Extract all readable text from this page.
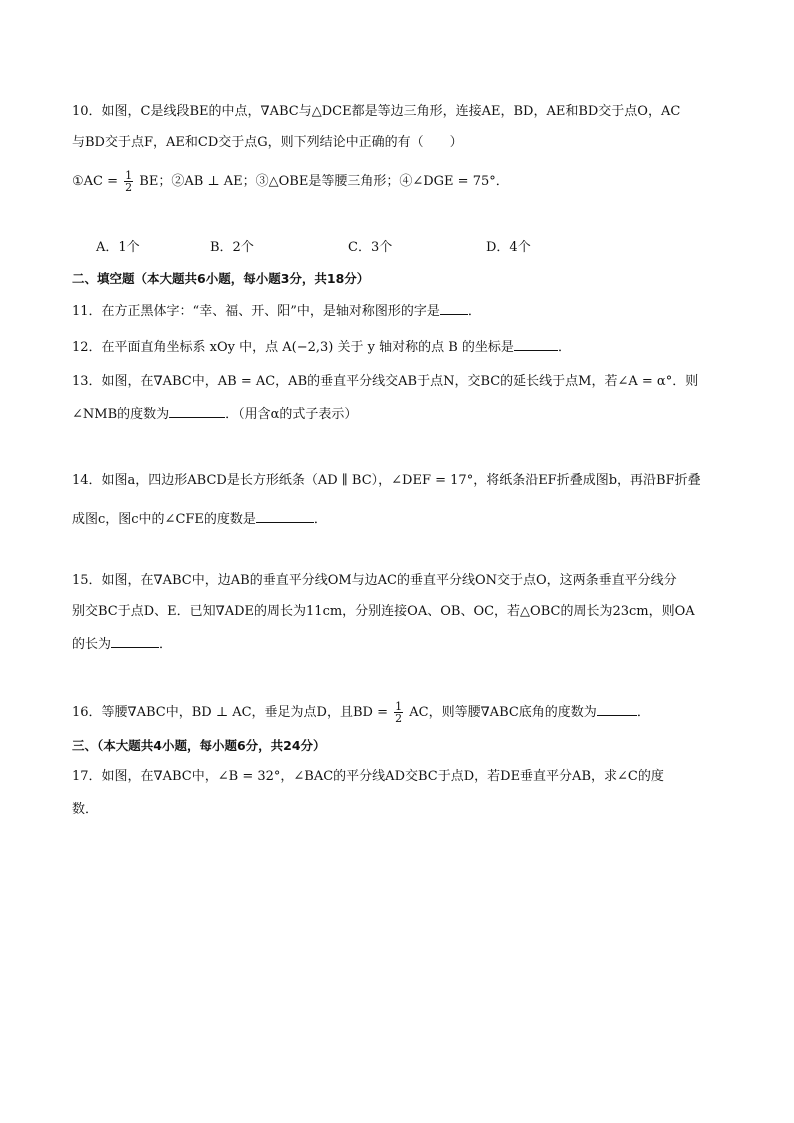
10．如图，C是线段BE的中点，∇ABC与△DCE都是等边三角形，连接AE，BD，AE和BD交于点O，AC
与BD交于点F，AE和CD交于点G，则下列结论中正确的有（　　）
①AC = $\frac{1}{2}$ BE；②AB ⊥ AE；③△OBE是等腰三角形；④∠DGE = 75°．
A．1个	B．2个	C．3个	D．4个
二、填空题（本大题共6小题，每小题3分，共18分）
11．在方正黑体字：“幸、福、开、阳”中，是轴对称图形的字是 ．
12．在平面直角坐标系 xOy 中，点 A(−2,3) 关于 y 轴对称的点 B 的坐标是	．
13．如图，在∇ABC中，AB = AC，AB的垂直平分线交AB于点N，交BC的延长线于点M，若∠A = α°．则
∠NMB的度数为	．（用含α的式子表示）
14．如图a，四边形ABCD是长方形纸条（AD ∥ BC），∠DEF = 17°，将纸条沿EF折叠成图b，再沿BF折叠
成图c，图c中的∠CFE的度数是	．
15．如图，在∇ABC中，边AB的垂直平分线OM与边AC的垂直平分线ON交于点O，这两条垂直平分线分
别交BC于点D、E．已知∇ADE的周长为11cm，分别连接OA、OB、OC，若△OBC的周长为23cm，则OA
的长为	．
16．等腰∇ABC中，BD ⊥ AC，垂足为点D，且BD = $\frac{1}{2}$ AC，则等腰∇ABC底角的度数为	．
三、（本大题共4小题，每小题6分，共24分）
17．如图，在∇ABC中，∠B = 32°，∠BAC的平分线AD交BC于点D，若DE垂直平分AB，求∠C的度
数．
